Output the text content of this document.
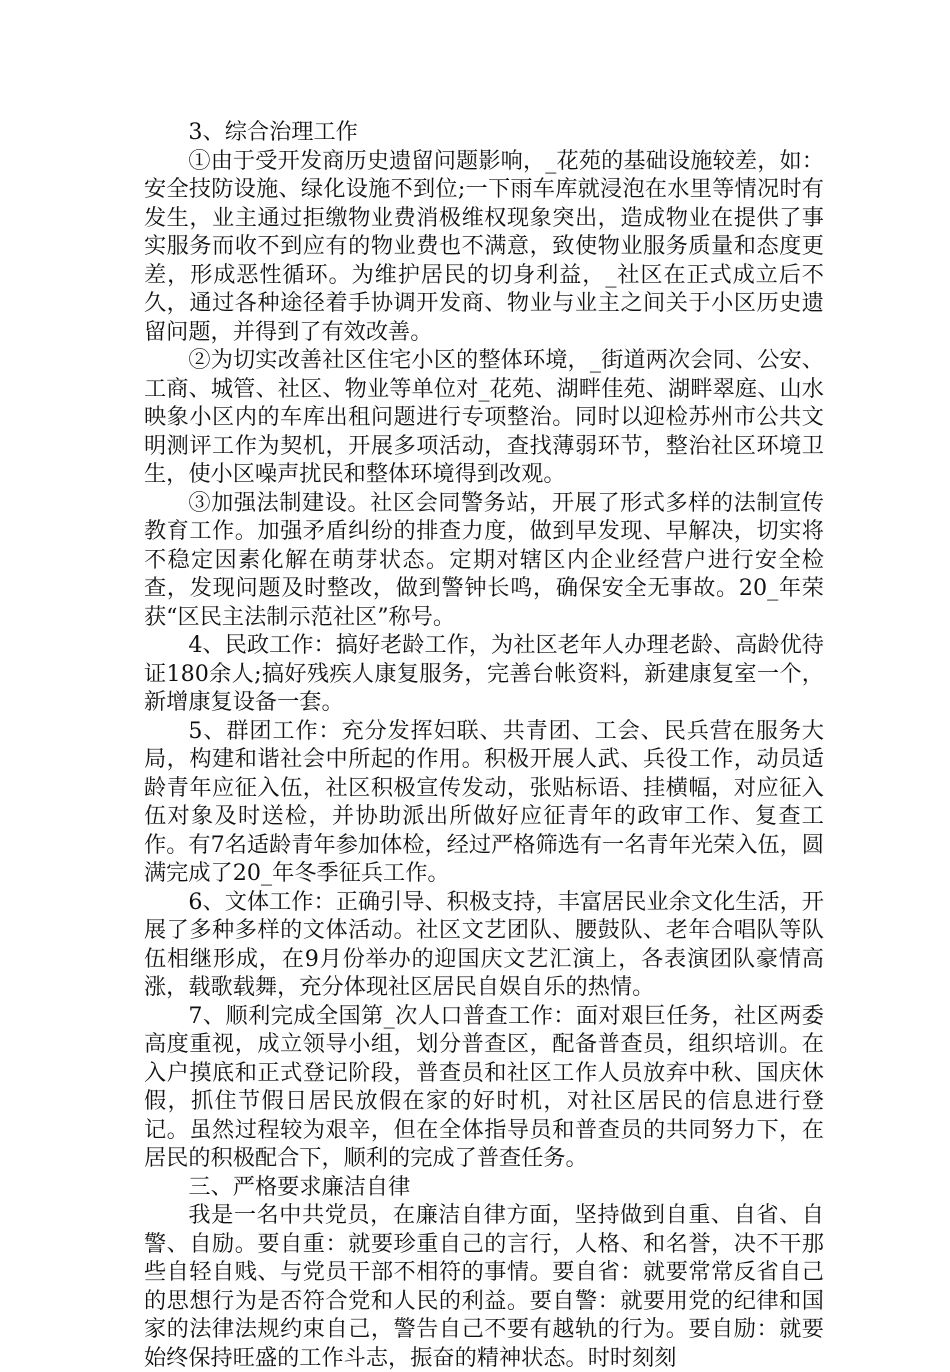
3、综合治理工作

①由于受开发商历史遗留问题影响，_花苑的基础设施较差，如：安全技防设施、绿化设施不到位;一下雨车库就浸泡在水里等情况时有发生，业主通过拒缴物业费消极维权现象突出，造成物业在提供了事实服务而收不到应有的物业费也不满意，致使物业服务质量和态度更差，形成恶性循环。为维护居民的切身利益，_社区在正式成立后不久，通过各种途径着手协调开发商、物业与业主之间关于小区历史遗留问题，并得到了有效改善。

②为切实改善社区住宅小区的整体环境，_街道两次会同、公安、工商、城管、社区、物业等单位对_花苑、湖畔佳苑、湖畔翠庭、山水映象小区内的车库出租问题进行专项整治。同时以迎检苏州市公共文明测评工作为契机，开展多项活动，查找薄弱环节，整治社区环境卫生，使小区噪声扰民和整体环境得到改观。

③加强法制建设。社区会同警务站，开展了形式多样的法制宣传教育工作。加强矛盾纠纷的排查力度，做到早发现、早解决，切实将不稳定因素化解在萌芽状态。定期对辖区内企业经营户进行安全检查，发现问题及时整改，做到警钟长鸣，确保安全无事故。20_年荣获“区民主法制示范社区”称号。

4、民政工作：搞好老龄工作，为社区老年人办理老龄、高龄优待证180余人;搞好残疾人康复服务，完善台帐资料，新建康复室一个，新增康复设备一套。

5、群团工作：充分发挥妇联、共青团、工会、民兵营在服务大局，构建和谐社会中所起的作用。积极开展人武、兵役工作，动员适龄青年应征入伍，社区积极宣传发动，张贴标语、挂横幅，对应征入伍对象及时送检，并协助派出所做好应征青年的政审工作、复查工作。有7名适龄青年参加体检，经过严格筛选有一名青年光荣入伍，圆满完成了20_年冬季征兵工作。

6、文体工作：正确引导、积极支持，丰富居民业余文化生活，开展了多种多样的文体活动。社区文艺团队、腰鼓队、老年合唱队等队伍相继形成，在9月份举办的迎国庆文艺汇演上，各表演团队豪情高涨，载歌载舞，充分体现社区居民自娱自乐的热情。

7、顺利完成全国第_次人口普查工作：面对艰巨任务，社区两委高度重视，成立领导小组，划分普查区，配备普查员，组织培训。在入户摸底和正式登记阶段，普查员和社区工作人员放弃中秋、国庆休假，抓住节假日居民放假在家的好时机，对社区居民的信息进行登记。虽然过程较为艰辛，但在全体指导员和普查员的共同努力下，在居民的积极配合下，顺利的完成了普查任务。

三、严格要求廉洁自律

我是一名中共党员，在廉洁自律方面，坚持做到自重、自省、自警、自励。要自重：就要珍重自己的言行，人格、和名誉，决不干那些自轻自贱、与党员干部不相符的事情。要自省：就要常常反省自己的思想行为是否符合党和人民的利益。要自警：就要用党的纪律和国家的法律法规约束自己，警告自己不要有越轨的行为。要自励：就要始终保持旺盛的工作斗志，振奋的精神状态。时时刻刻
